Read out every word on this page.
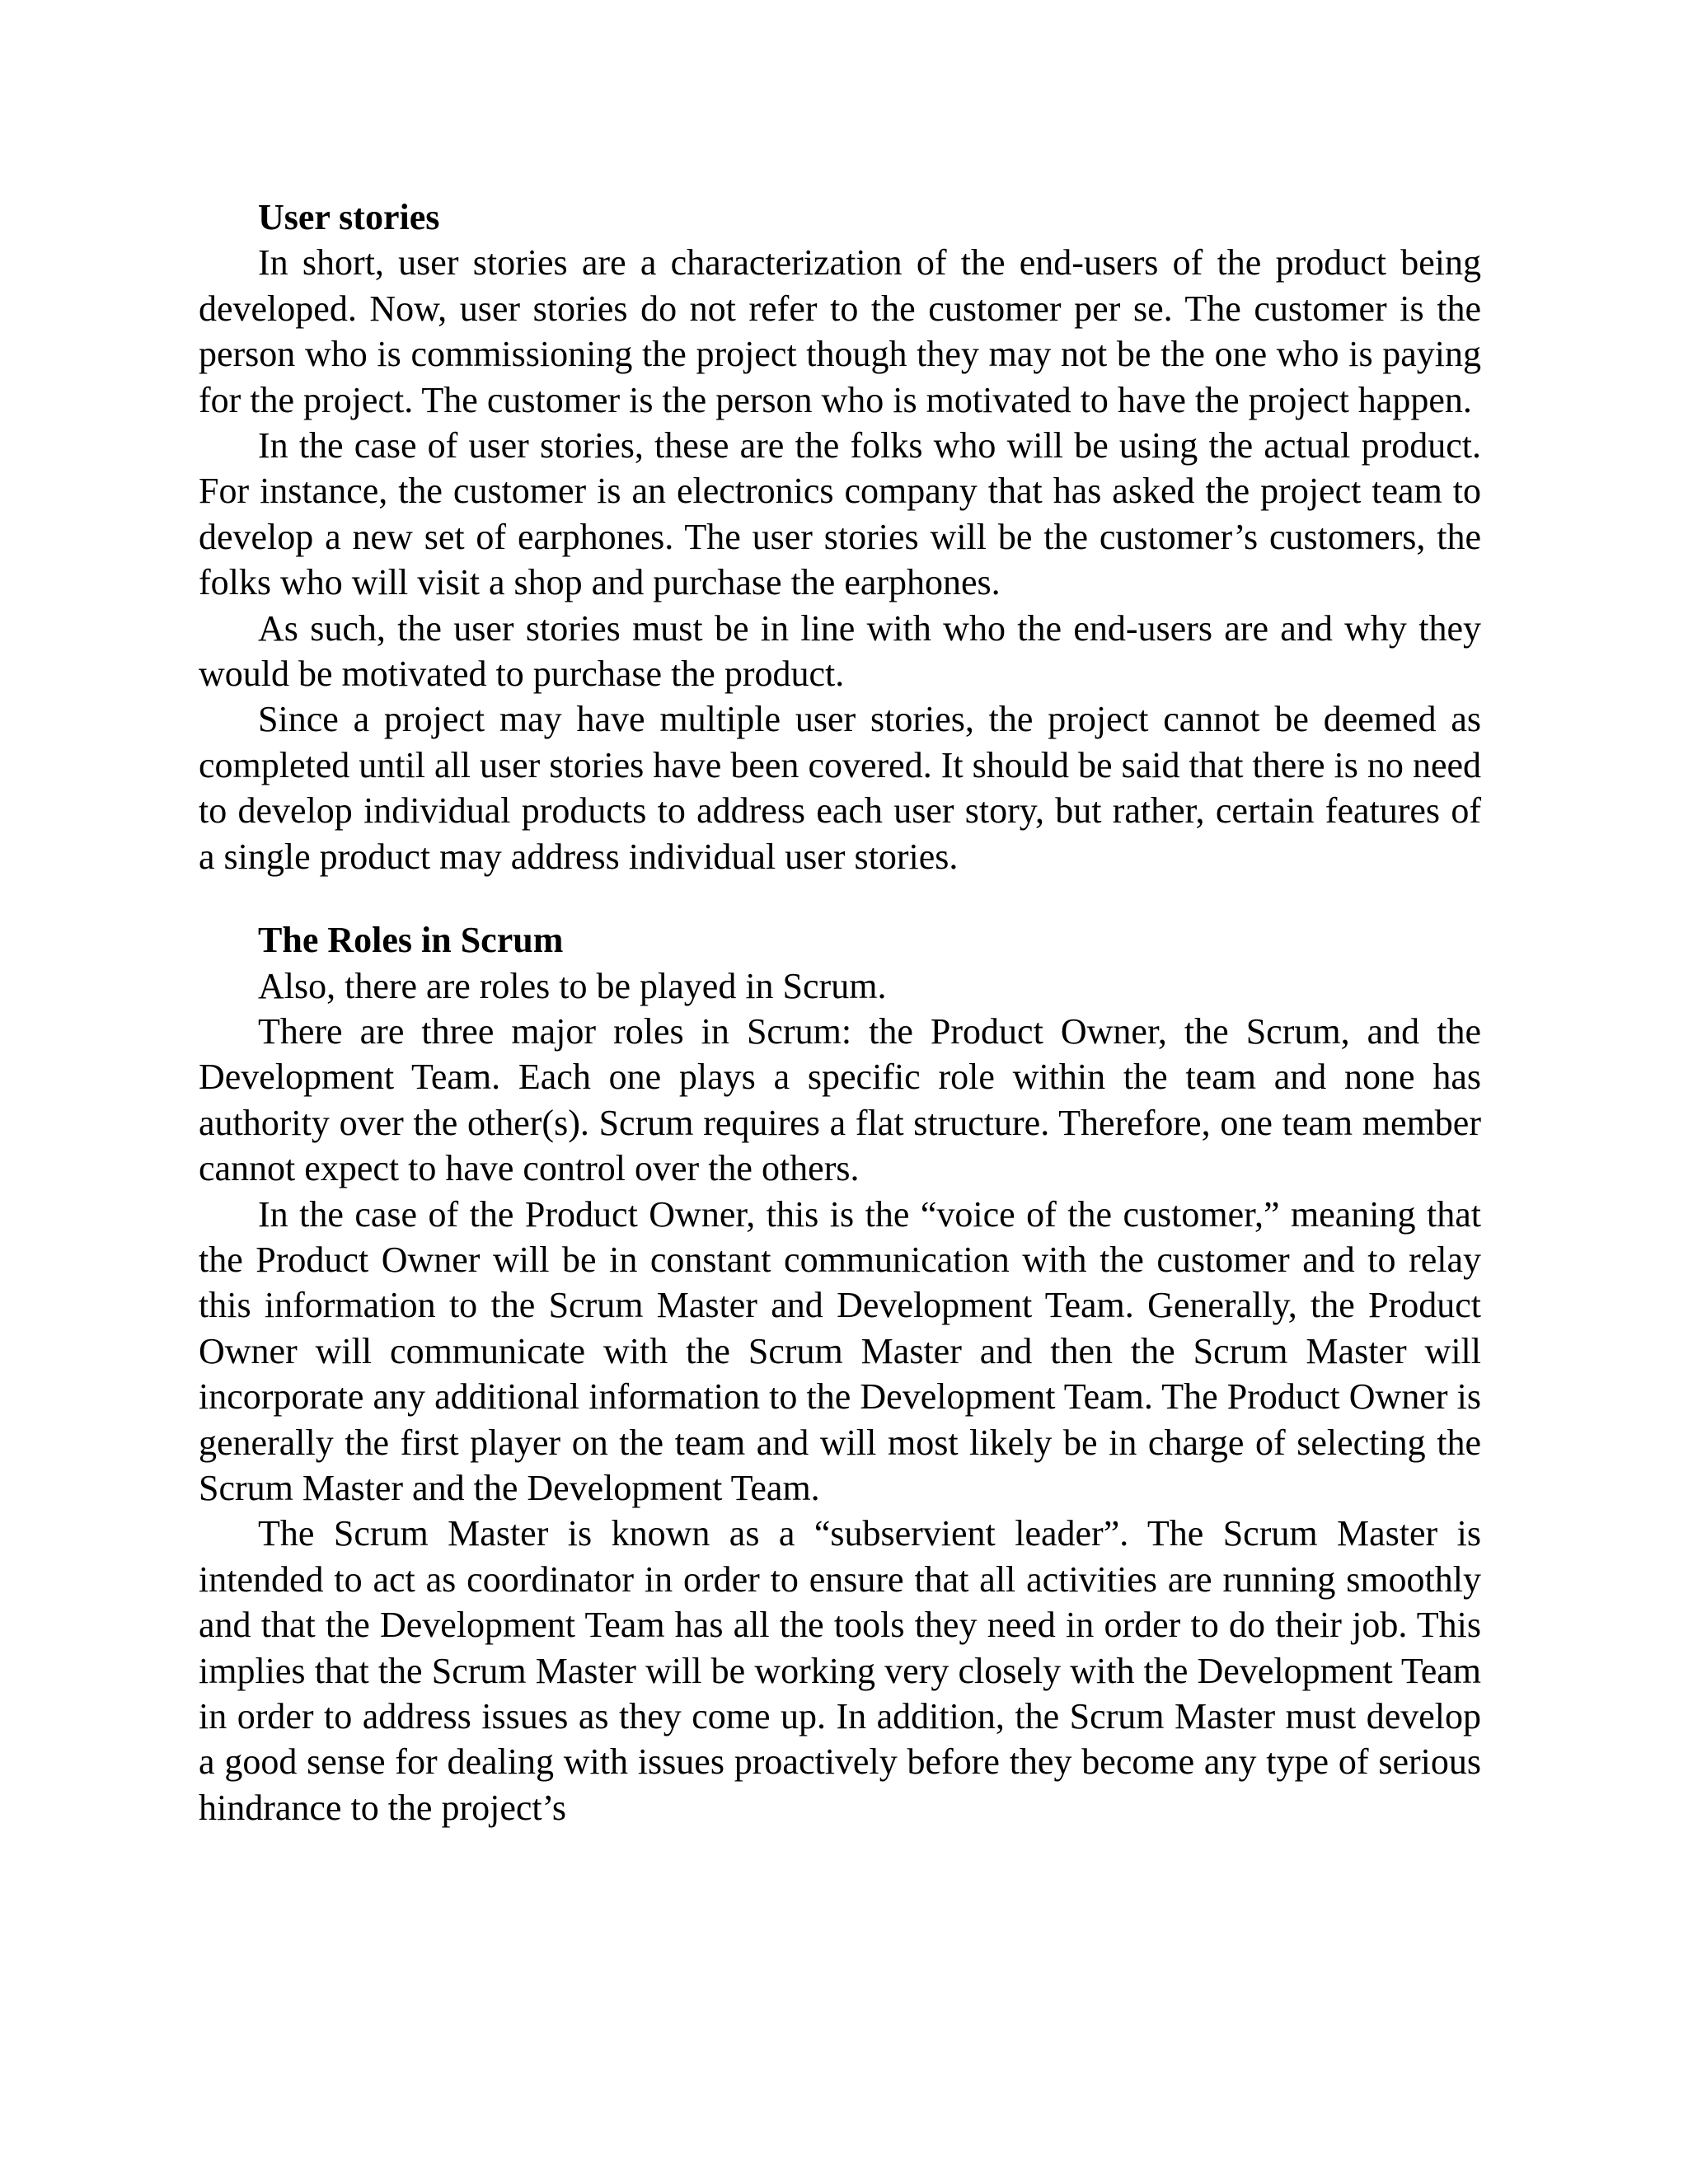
User stories

In short, user stories are a characterization of the end-users of the product being developed. Now, user stories do not refer to the customer per se. The customer is the person who is commissioning the project though they may not be the one who is paying for the project. The customer is the person who is motivated to have the project happen.

In the case of user stories, these are the folks who will be using the actual product. For instance, the customer is an electronics company that has asked the project team to develop a new set of earphones. The user stories will be the customer’s customers, the folks who will visit a shop and purchase the earphones.

As such, the user stories must be in line with who the end-users are and why they would be motivated to purchase the product.

Since a project may have multiple user stories, the project cannot be deemed as completed until all user stories have been covered. It should be said that there is no need to develop individual products to address each user story, but rather, certain features of a single product may address individual user stories.

The Roles in Scrum

Also, there are roles to be played in Scrum.

There are three major roles in Scrum: the Product Owner, the Scrum, and the Development Team. Each one plays a specific role within the team and none has authority over the other(s). Scrum requires a flat structure. Therefore, one team member cannot expect to have control over the others.

In the case of the Product Owner, this is the “voice of the customer,” meaning that the Product Owner will be in constant communication with the customer and to relay this information to the Scrum Master and Development Team. Generally, the Product Owner will communicate with the Scrum Master and then the Scrum Master will incorporate any additional information to the Development Team. The Product Owner is generally the first player on the team and will most likely be in charge of selecting the Scrum Master and the Development Team.

The Scrum Master is known as a “subservient leader”. The Scrum Master is intended to act as coordinator in order to ensure that all activities are running smoothly and that the Development Team has all the tools they need in order to do their job. This implies that the Scrum Master will be working very closely with the Development Team in order to address issues as they come up. In addition, the Scrum Master must develop a good sense for dealing with issues proactively before they become any type of serious hindrance to the project’s
